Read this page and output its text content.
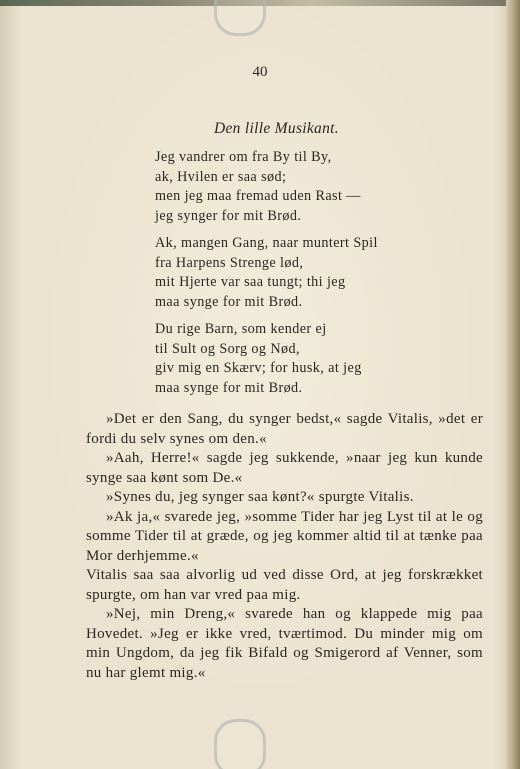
40
Den lille Musikant.
Jeg vandrer om fra By til By,
ak, Hvilen er saa sød;
men jeg maa fremad uden Rast —
jeg synger for mit Brød.
Ak, mangen Gang, naar muntert Spil
fra Harpens Strenge lød,
mit Hjerte var saa tungt; thi jeg
maa synge for mit Brød.
Du rige Barn, som kender ej
til Sult og Sorg og Nød,
giv mig en Skærv; for husk, at jeg
maa synge for mit Brød.

»Det er den Sang, du synger bedst,« sagde Vitalis, »det er fordi du selv synes om den.«

»Aah, Herre!« sagde jeg sukkende, »naar jeg kun kunde synge saa kønt som De.«

»Synes du, jeg synger saa kønt?« spurgte Vitalis.

»Ak ja,« svarede jeg, »somme Tider har jeg Lyst til at le og somme Tider til at græde, og jeg kommer altid til at tænke paa Mor derhjemme.«

Vitalis saa saa alvorlig ud ved disse Ord, at jeg forskrækket spurgte, om han var vred paa mig.

»Nej, min Dreng,« svarede han og klappede mig paa Hovedet. »Jeg er ikke vred, tværtimod. Du minder mig om min Ungdom, da jeg fik Bifald og Smigerord af Venner, som nu har glemt mig.«
